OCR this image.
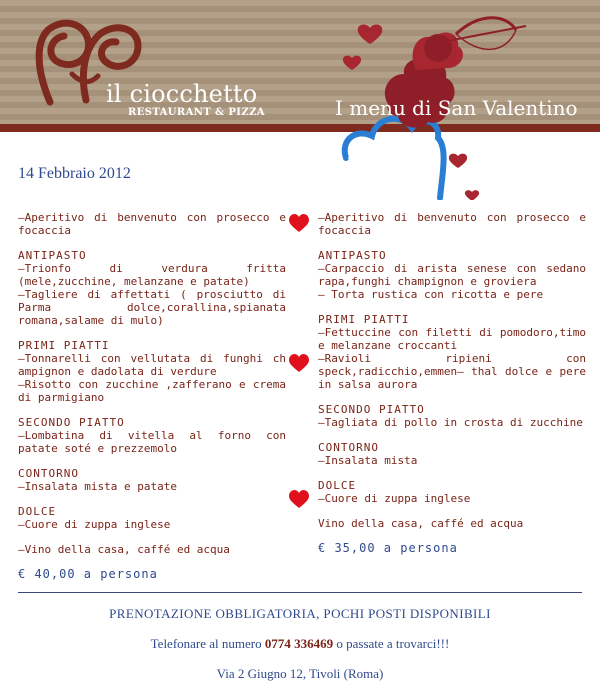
il ciocchetto
RESTAURANT & PIZZA	I menu di San Valentino
14 Febbraio 2012
–Aperitivo di benvenuto con prosecco e focaccia
ANTIPASTO
–Trionfo di verdura fritta (mele,zucchine, melanzane e patate)
–Tagliere di affettati ( prosciutto di Parma dolce,corallina,spianata romana,salame di mulo)
PRIMI PIATTI
–Tonnarelli con vellutata di funghi ch ampignon e dadolata di verdure
–Risotto con zucchine ,zafferano e crema di parmigiano
SECONDO PIATTO
–Lombatina di vitella al forno con patate soté e prezzemolo
CONTORNO
–Insalata mista e patate
DOLCE
–Cuore di zuppa inglese
–Vino della casa, caffé ed acqua
€ 40,00 a persona
–Aperitivo di benvenuto con prosecco e focaccia
ANTIPASTO
–Carpaccio di arista senese con sedano rapa,funghi champignon e groviera
– Torta rustica con ricotta e pere
PRIMI PIATTI
–Fettuccine con filetti di pomodoro,timo e melanzane croccanti
–Ravioli ripieni con speck,radicchio,emmen– thal dolce e pere in salsa aurora
SECONDO PIATTO
–Tagliata di pollo in crosta di zucchine
CONTORNO
–Insalata mista
DOLCE
–Cuore di zuppa inglese
Vino della casa, caffé ed acqua
€ 35,00 a persona
PRENOTAZIONE OBBLIGATORIA, POCHI POSTI DISPONIBILI
Telefonare al numero 0774 336469 o passate a trovarci!!!
Via 2 Giugno 12, Tivoli (Roma)
